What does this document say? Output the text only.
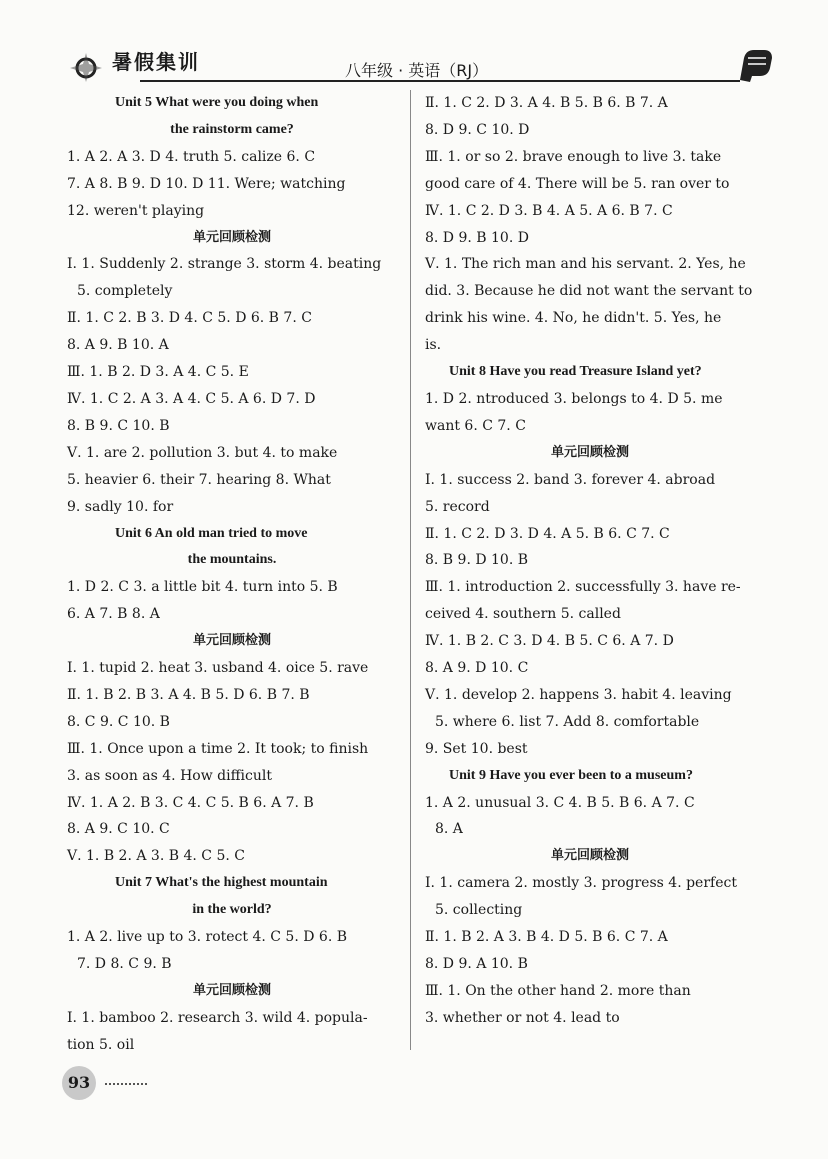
暑假集训	八年级 · 英语（RJ）
Unit 5 What were you doing when
the rainstorm came?
1. A 2. A 3. D 4. truth 5. calize 6. C
7. A 8. B 9. D 10. D 11. Were; watching
12. weren't playing
单元回顾检测
Ⅰ. 1. Suddenly 2. strange 3. storm 4. beating
5. completely
Ⅱ. 1. C 2. B 3. D 4. C 5. D 6. B 7. C
8. A 9. B 10. A
Ⅲ. 1. B 2. D 3. A 4. C 5. E
Ⅳ. 1. C 2. A 3. A 4. C 5. A 6. D 7. D
8. B 9. C 10. B
Ⅴ. 1. are 2. pollution 3. but 4. to make
5. heavier 6. their 7. hearing 8. What
9. sadly 10. for
Unit 6 An old man tried to move
the mountains.
1. D 2. C 3. a little bit 4. turn into 5. B
6. A 7. B 8. A
单元回顾检测
Ⅰ. 1. tupid 2. heat 3. usband 4. oice 5. rave
Ⅱ. 1. B 2. B 3. A 4. B 5. D 6. B 7. B
8. C 9. C 10. B
Ⅲ. 1. Once upon a time 2. It took; to finish
3. as soon as 4. How difficult
Ⅳ. 1. A 2. B 3. C 4. C 5. B 6. A 7. B
8. A 9. C 10. C
Ⅴ. 1. B 2. A 3. B 4. C 5. C
Unit 7 What's the highest mountain
in the world?
1. A 2. live up to 3. rotect 4. C 5. D 6. B
7. D 8. C 9. B
单元回顾检测
Ⅰ. 1. bamboo 2. research 3. wild 4. popula-
tion 5. oil
Ⅱ. 1. C 2. D 3. A 4. B 5. B 6. B 7. A
8. D 9. C 10. D
Ⅲ. 1. or so 2. brave enough to live 3. take
good care of 4. There will be 5. ran over to
Ⅳ. 1. C 2. D 3. B 4. A 5. A 6. B 7. C
8. D 9. B 10. D
Ⅴ. 1. The rich man and his servant. 2. Yes, he
did. 3. Because he did not want the servant to
drink his wine. 4. No, he didn't. 5. Yes, he
is.
Unit 8 Have you read Treasure Island yet?
1. D 2. ntroduced 3. belongs to 4. D 5. me
want 6. C 7. C
单元回顾检测
Ⅰ. 1. success 2. band 3. forever 4. abroad
5. record
Ⅱ. 1. C 2. D 3. D 4. A 5. B 6. C 7. C
8. B 9. D 10. B
Ⅲ. 1. introduction 2. successfully 3. have re-
ceived 4. southern 5. called
Ⅳ. 1. B 2. C 3. D 4. B 5. C 6. A 7. D
8. A 9. D 10. C
Ⅴ. 1. develop 2. happens 3. habit 4. leaving
5. where 6. list 7. Add 8. comfortable
9. Set 10. best
Unit 9 Have you ever been to a museum?
1. A 2. unusual 3. C 4. B 5. B 6. A 7. C
8. A
单元回顾检测
Ⅰ. 1. camera 2. mostly 3. progress 4. perfect
5. collecting
Ⅱ. 1. B 2. A 3. B 4. D 5. B 6. C 7. A
8. D 9. A 10. B
Ⅲ. 1. On the other hand 2. more than
3. whether or not 4. lead to
93
